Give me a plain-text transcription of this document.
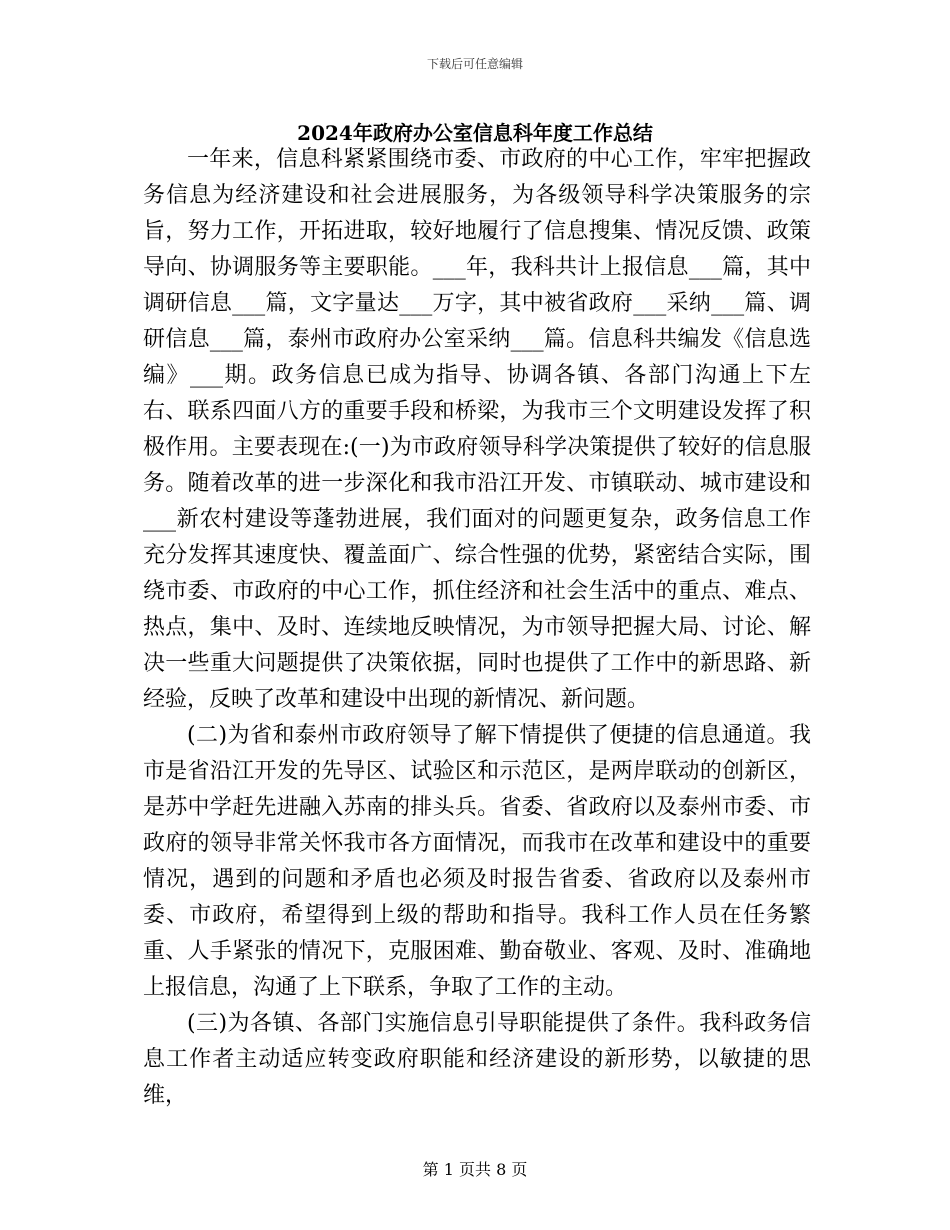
下载后可任意编辑
2024年政府办公室信息科年度工作总结

一年来，信息科紧紧围绕市委、市政府的中心工作，牢牢把握政务信息为经济建设和社会进展服务，为各级领导科学决策服务的宗旨，努力工作，开拓进取，较好地履行了信息搜集、情况反馈、政策导向、协调服务等主要职能。___年，我科共计上报信息___篇，其中调研信息___篇，文字量达___万字，其中被省政府___采纳___篇、调研信息___篇，泰州市政府办公室采纳___篇。信息科共编发《信息选编》___期。政务信息已成为指导、协调各镇、各部门沟通上下左右、联系四面八方的重要手段和桥梁，为我市三个文明建设发挥了积极作用。主要表现在:(一)为市政府领导科学决策提供了较好的信息服务。随着改革的进一步深化和我市沿江开发、市镇联动、城市建设和___新农村建设等蓬勃进展，我们面对的问题更复杂，政务信息工作充分发挥其速度快、覆盖面广、综合性强的优势，紧密结合实际，围绕市委、市政府的中心工作，抓住经济和社会生活中的重点、难点、热点，集中、及时、连续地反映情况，为市领导把握大局、讨论、解决一些重大问题提供了决策依据，同时也提供了工作中的新思路、新经验，反映了改革和建设中出现的新情况、新问题。

(二)为省和泰州市政府领导了解下情提供了便捷的信息通道。我市是省沿江开发的先导区、试验区和示范区，是两岸联动的创新区，是苏中学赶先进融入苏南的排头兵。省委、省政府以及泰州市委、市政府的领导非常关怀我市各方面情况，而我市在改革和建设中的重要情况，遇到的问题和矛盾也必须及时报告省委、省政府以及泰州市委、市政府，希望得到上级的帮助和指导。我科工作人员在任务繁重、人手紧张的情况下，克服困难、勤奋敬业、客观、及时、准确地上报信息，沟通了上下联系，争取了工作的主动。

(三)为各镇、各部门实施信息引导职能提供了条件。我科政务信息工作者主动适应转变政府职能和经济建设的新形势，以敏捷的思维，

第 1 页共 8 页
